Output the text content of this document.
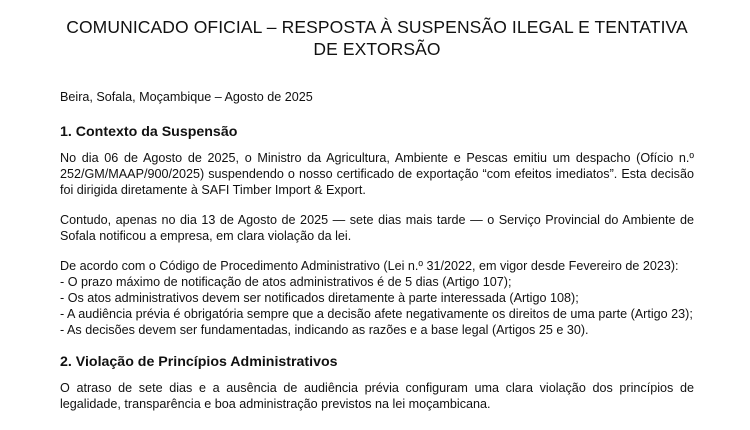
COMUNICADO OFICIAL – RESPOSTA À SUSPENSÃO ILEGAL E TENTATIVA
DE EXTORSÃO
Beira, Sofala, Moçambique – Agosto de 2025
1. Contexto da Suspensão

No dia 06 de Agosto de 2025, o Ministro da Agricultura, Ambiente e Pescas emitiu um despacho (Ofício n.º 252/GM/MAAP/900/2025) suspendendo o nosso certificado de exportação “com efeitos imediatos”. Esta decisão foi dirigida diretamente à SAFI Timber Import & Export.

Contudo, apenas no dia 13 de Agosto de 2025 — sete dias mais tarde — o Serviço Provincial do Ambiente de Sofala notificou a empresa, em clara violação da lei.

De acordo com o Código de Procedimento Administrativo (Lei n.º 31/2022, em vigor desde Fevereiro de 2023):

- O prazo máximo de notificação de atos administrativos é de 5 dias (Artigo 107);
- Os atos administrativos devem ser notificados diretamente à parte interessada (Artigo 108);
- A audiência prévia é obrigatória sempre que a decisão afete negativamente os direitos de uma parte (Artigo 23);
- As decisões devem ser fundamentadas, indicando as razões e a base legal (Artigos 25 e 30).
2. Violação de Princípios Administrativos

O atraso de sete dias e a ausência de audiência prévia configuram uma clara violação dos princípios de legalidade, transparência e boa administração previstos na lei moçambicana.
